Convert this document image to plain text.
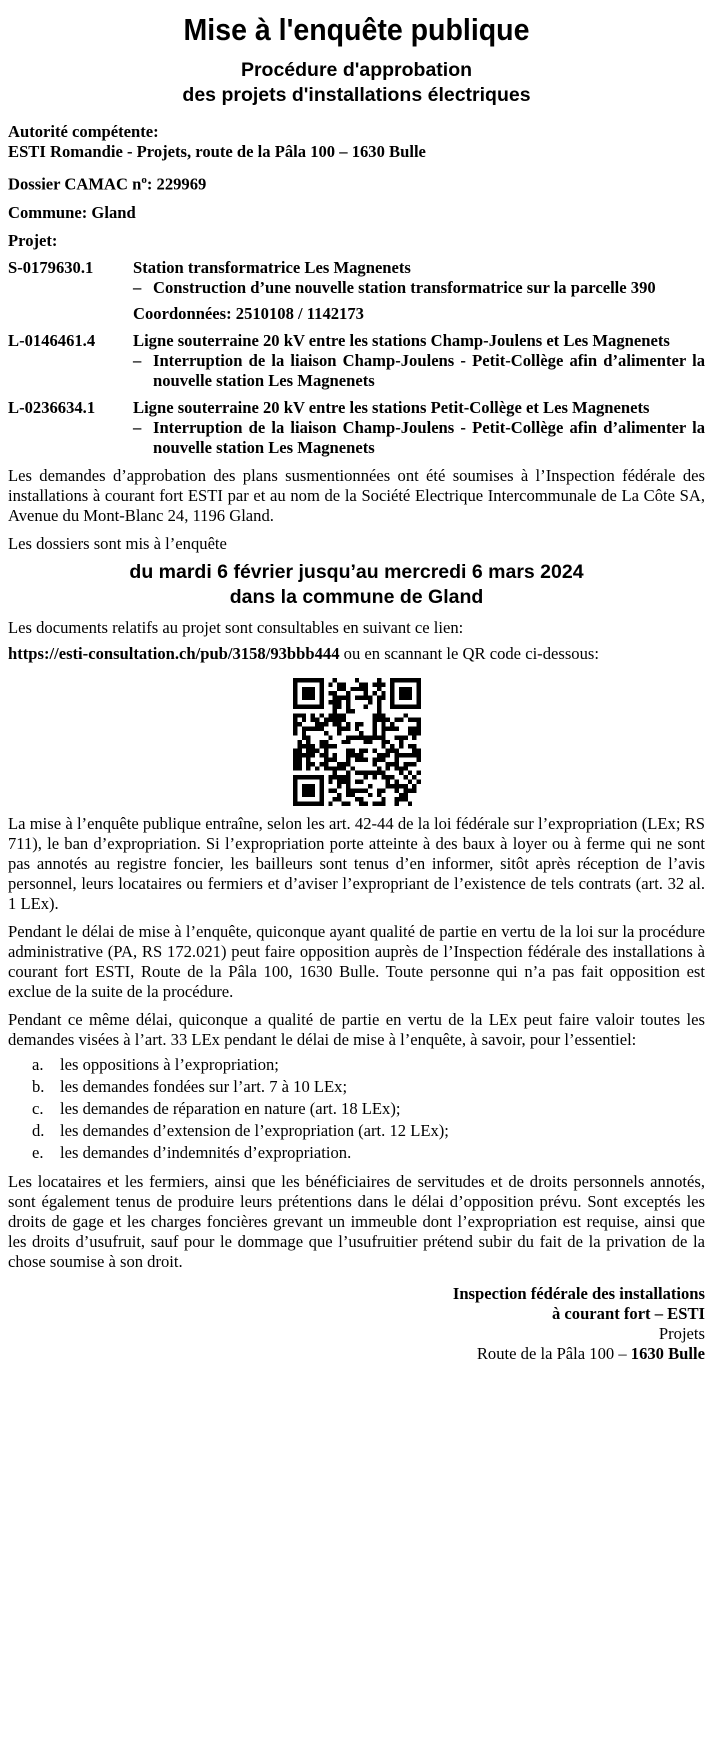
Mise à l'enquête publique
Procédure d'approbation
des projets d'installations électriques
Autorité compétente:
ESTI Romandie - Projets, route de la Pâla 100 – 1630 Bulle
Dossier CAMAC $n^o$: 229969
Commune: Gland
Projet:
S-0179630.1	Station transformatrice Les Magnenets
– Construction d’une nouvelle station transformatrice sur la parcelle 390
Coordonnées: 2510108 / 1142173
L-0146461.4	Ligne souterraine 20 kV entre les stations Champ-Joulens et Les Magnenets
– Interruption de la liaison Champ-Joulens - Petit-Collège afin d’alimenter la nouvelle station Les Magnenets
L-0236634.1	Ligne souterraine 20 kV entre les stations Petit-Collège et Les Magnenets
– Interruption de la liaison Champ-Joulens - Petit-Collège afin d’alimenter la nouvelle station Les Magnenets
Les demandes d’approbation des plans susmentionnées ont été soumises à l’Inspection fédérale des installations à courant fort ESTI par et au nom de la Société Electrique Intercommunale de La Côte SA, Avenue du Mont-Blanc 24, 1196 Gland.
Les dossiers sont mis à l’enquête
du mardi 6 février jusqu’au mercredi 6 mars 2024
dans la commune de Gland
Les documents relatifs au projet sont consultables en suivant ce lien:
https://esti-consultation.ch/pub/3158/93bbb444 ou en scannant le QR code ci-dessous:
La mise à l’enquête publique entraîne, selon les art. 42-44 de la loi fédérale sur l’expropriation (LEx; RS 711), le ban d’expropriation. Si l’expropriation porte atteinte à des baux à loyer ou à ferme qui ne sont pas annotés au registre foncier, les bailleurs sont tenus d’en informer, sitôt après réception de l’avis personnel, leurs locataires ou fermiers et d’aviser l’expropriant de l’existence de tels contrats (art. 32 al. 1 LEx).
Pendant le délai de mise à l’enquête, quiconque ayant qualité de partie en vertu de la loi sur la procédure administrative (PA, RS 172.021) peut faire opposition auprès de l’Inspection fédérale des installations à courant fort ESTI, Route de la Pâla 100, 1630 Bulle. Toute personne qui n’a pas fait opposition est exclue de la suite de la procédure.
Pendant ce même délai, quiconque a qualité de partie en vertu de la LEx peut faire valoir toutes les demandes visées à l’art. 33 LEx pendant le délai de mise à l’enquête, à savoir, pour l’essentiel:
a. les oppositions à l’expropriation;
b. les demandes fondées sur l’art. 7 à 10 LEx;
c. les demandes de réparation en nature (art. 18 LEx);
d. les demandes d’extension de l’expropriation (art. 12 LEx);
e. les demandes d’indemnités d’expropriation.
Les locataires et les fermiers, ainsi que les bénéficiaires de servitudes et de droits personnels annotés, sont également tenus de produire leurs prétentions dans le délai d’opposition prévu. Sont exceptés les droits de gage et les charges foncières grevant un immeuble dont l’expropriation est requise, ainsi que les droits d’usufruit, sauf pour le dommage que l’usufruitier prétend subir du fait de la privation de la chose soumise à son droit.
Inspection fédérale des installations
à courant fort – ESTI
Projets
Route de la Pâla 100 – 1630 Bulle
